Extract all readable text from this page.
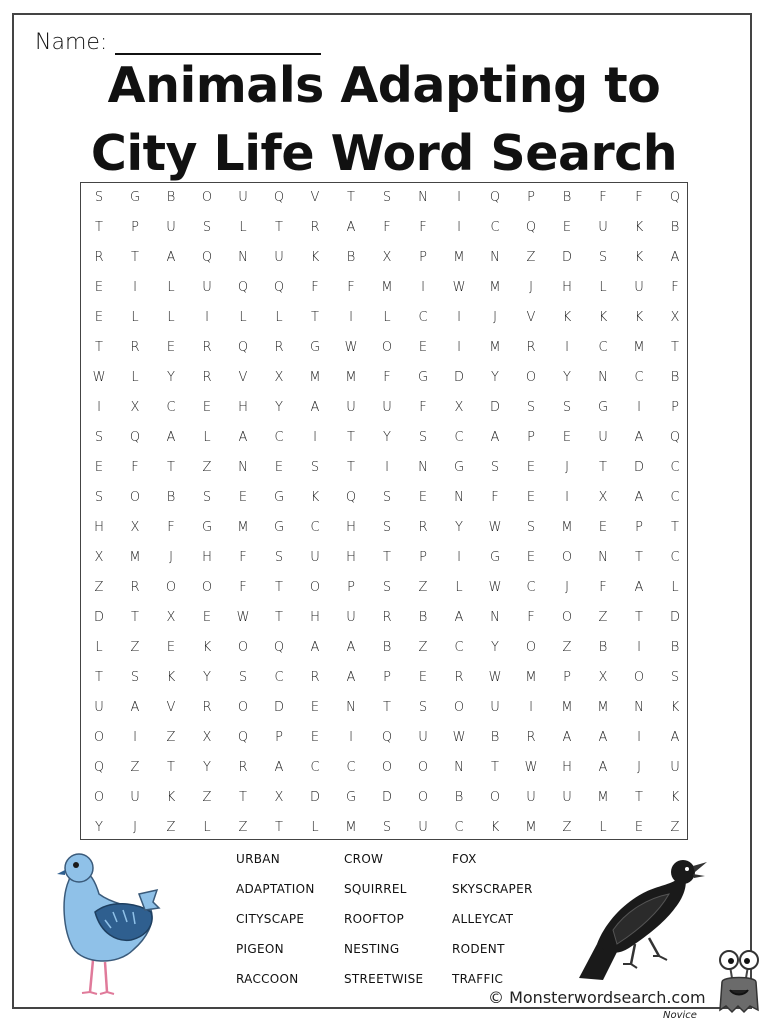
Name:
Animals Adapting to
City Life Word Search
S	G	B	O	U	Q	V	T	S	N	I	Q	P	B	F	F	Q
T	P	U	S	L	T	R	A	F	F	I	C	Q	E	U	K	B
R	T	A	Q	N	U	K	B	X	P	M	N	Z	D	S	K	A
E	I	L	U	Q	Q	F	F	M	I	W	M	J	H	L	U	F
E	L	L	I	L	L	T	I	L	C	I	J	V	K	K	K	X
T	R	E	R	Q	R	G	W	O	E	I	M	R	I	C	M	T
W	L	Y	R	V	X	M	M	F	G	D	Y	O	Y	N	C	B
I	X	C	E	H	Y	A	U	U	F	X	D	S	S	G	I	P
S	Q	A	L	A	C	I	T	Y	S	C	A	P	E	U	A	Q
E	F	T	Z	N	E	S	T	I	N	G	S	E	J	T	D	C
S	O	B	S	E	G	K	Q	S	E	N	F	E	I	X	A	C
H	X	F	G	M	G	C	H	S	R	Y	W	S	M	E	P	T
X	M	J	H	F	S	U	H	T	P	I	G	E	O	N	T	C
Z	R	O	O	F	T	O	P	S	Z	L	W	C	J	F	A	L
D	T	X	E	W	T	H	U	R	B	A	N	F	O	Z	T	D
L	Z	E	K	O	Q	A	A	B	Z	C	Y	O	Z	B	I	B
T	S	K	Y	S	C	R	A	P	E	R	W	M	P	X	O	S
U	A	V	R	O	D	E	N	T	S	O	U	I	M	M	N	K
O	I	Z	X	Q	P	E	I	Q	U	W	B	R	A	A	I	A
Q	Z	T	Y	R	A	C	C	O	O	N	T	W	H	A	J	U
O	U	K	Z	T	X	D	G	D	O	B	O	U	U	M	T	K
Y	J	Z	L	Z	T	L	M	S	U	C	K	M	Z	L	E	Z
URBAN
ADAPTATION
CITYSCAPE
PIGEON
RACCOON
CROW
SQUIRREL
ROOFTOP
NESTING
STREETWISE
FOX
SKYSCRAPER
ALLEYCAT
RODENT
TRAFFIC
© Monsterwordsearch.com
Novice
